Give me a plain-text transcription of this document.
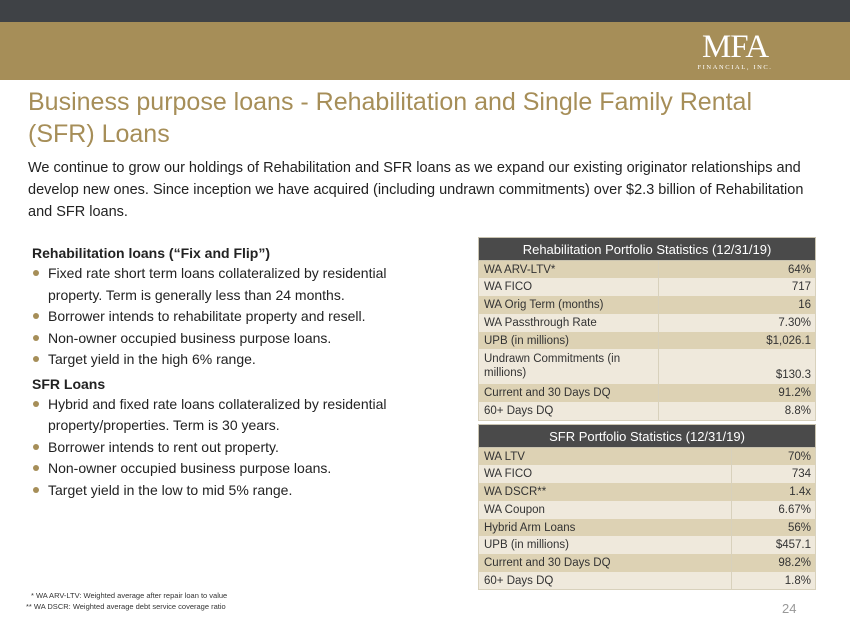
MFA
FINANCIAL, INC.
Business purpose loans - Rehabilitation and Single Family Rental (SFR) Loans

We continue to grow our holdings of Rehabilitation and SFR loans as we expand our existing originator relationships and develop new ones. Since inception we have acquired (including undrawn commitments) over $2.3 billion of Rehabilitation and SFR loans.

Rehabilitation loans (“Fix and Flip”)
Fixed rate short term loans collateralized by residential property. Term is generally less than 24 months.
Borrower intends to rehabilitate property and resell.
Non-owner occupied business purpose loans.
Target yield in the high 6% range.
SFR Loans
Hybrid and fixed rate loans collateralized by residential property/properties. Term is 30 years.
Borrower intends to rent out property.
Non-owner occupied business purpose loans.
Target yield in the low to mid 5% range.
Rehabilitation Portfolio Statistics (12/31/19)	
WA ARV-LTV*	64%
WA FICO	717
WA Orig Term (months)	16
WA Passthrough Rate	7.30%
UPB (in millions)	$1,026.1
Undrawn Commitments (in millions)	$130.3
Current and 30 Days DQ	91.2%
60+ Days DQ	8.8%
SFR Portfolio Statistics (12/31/19)	
WA LTV	70%
WA FICO	734
WA DSCR**	1.4x
WA Coupon	6.67%
Hybrid Arm Loans	56%
UPB (in millions)	$457.1
Current and 30 Days DQ	98.2%
60+ Days DQ	1.8%
* WA ARV-LTV: Weighted average after repair loan to value
** WA DSCR: Weighted average debt service coverage ratio	24
